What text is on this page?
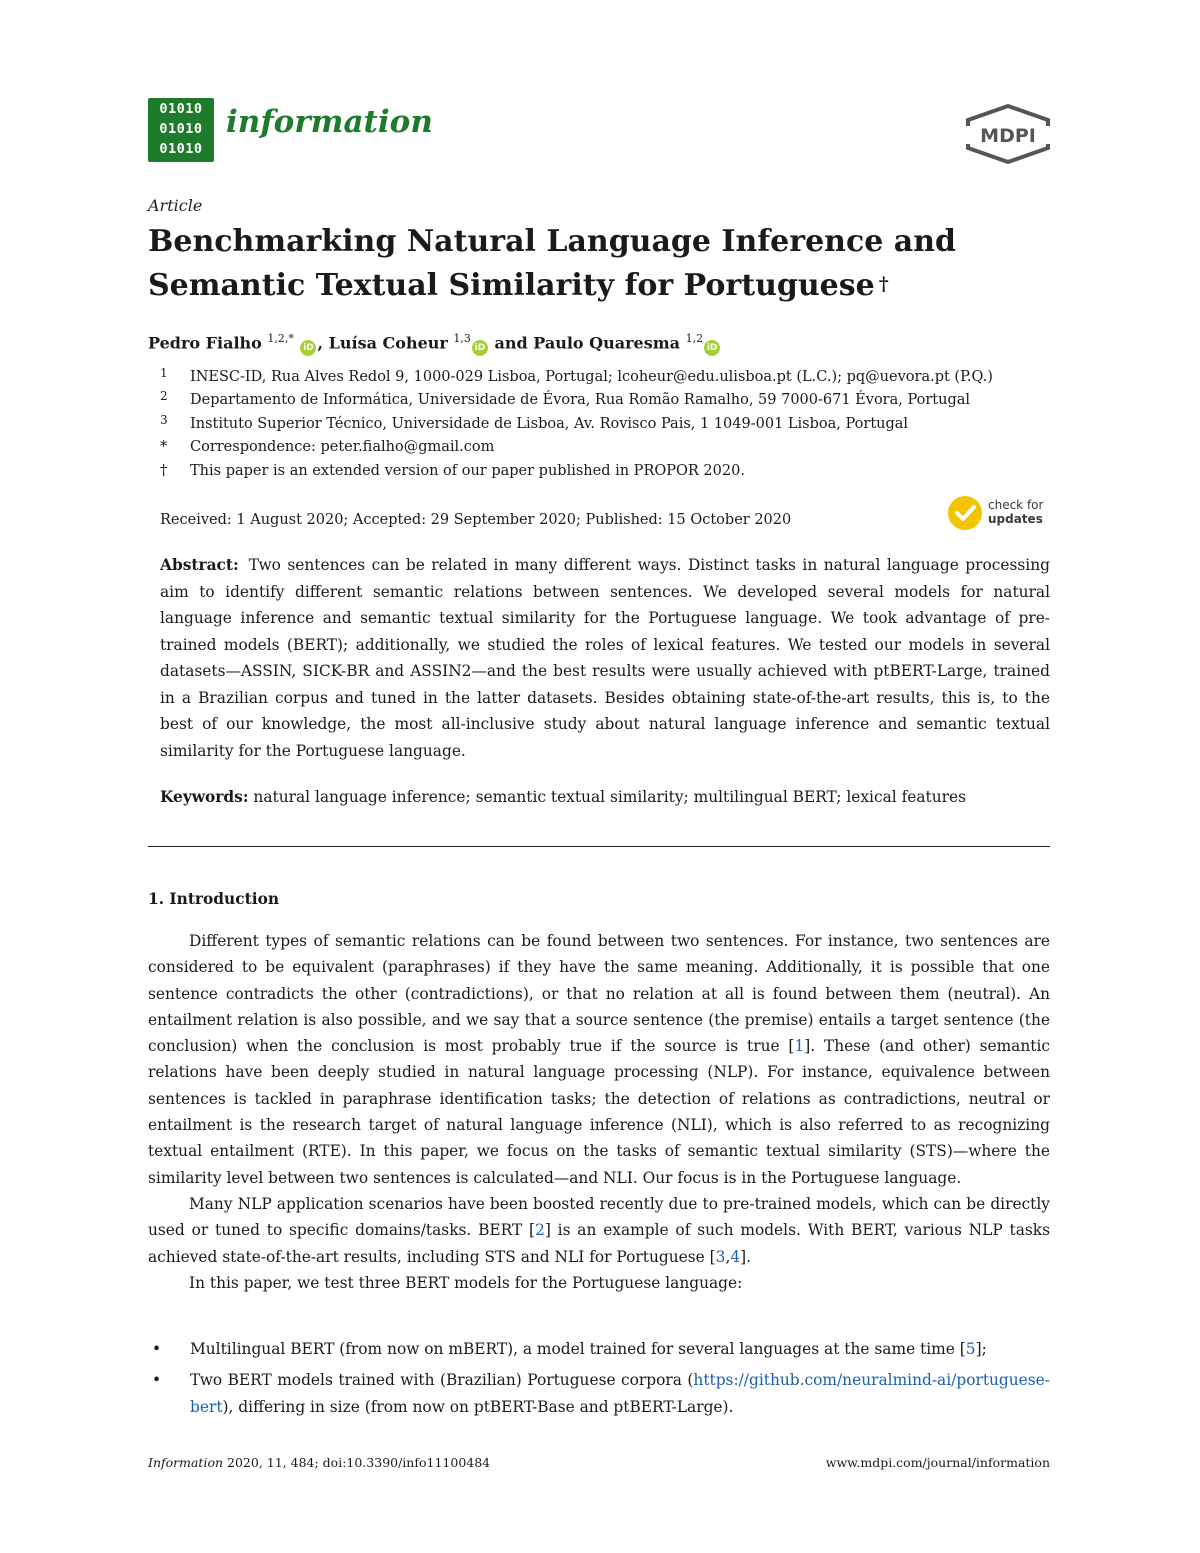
01010
01010
01010
information	MDPI
Article
Benchmarking Natural Language Inference and
Semantic Textual Similarity for Portuguese †
Pedro Fialho $^{1,2,*}$ iD , Luísa Coheur $^{1,3}$iD and Paulo Quaresma $^{1,2}$iD
1 INESC-ID, Rua Alves Redol 9, 1000-029 Lisboa, Portugal; lcoheur@edu.ulisboa.pt (L.C.); pq@uevora.pt (P.Q.)
2 Departamento de Informática, Universidade de Évora, Rua Romão Ramalho, 59 7000-671 Évora, Portugal
3 Instituto Superior Técnico, Universidade de Lisboa, Av. Rovisco Pais, 1 1049-001 Lisboa, Portugal
* Correspondence: peter.fialho@gmail.com
† This paper is an extended version of our paper published in PROPOR 2020.
Received: 1 August 2020; Accepted: 29 September 2020; Published: 15 October 2020
check for
updates
Abstract: Two sentences can be related in many different ways. Distinct tasks in natural language processing aim to identify different semantic relations between sentences. We developed several models for natural language inference and semantic textual similarity for the Portuguese language. We took advantage of pre-trained models (BERT); additionally, we studied the roles of lexical features. We tested our models in several datasets—ASSIN, SICK-BR and ASSIN2—and the best results were usually achieved with ptBERT-Large, trained in a Brazilian corpus and tuned in the latter datasets. Besides obtaining state-of-the-art results, this is, to the best of our knowledge, the most all-inclusive study about natural language inference and semantic textual similarity for the Portuguese language.
Keywords: natural language inference; semantic textual similarity; multilingual BERT; lexical features
1. Introduction

Different types of semantic relations can be found between two sentences. For instance, two sentences are considered to be equivalent (paraphrases) if they have the same meaning. Additionally, it is possible that one sentence contradicts the other (contradictions), or that no relation at all is found between them (neutral). An entailment relation is also possible, and we say that a source sentence (the premise) entails a target sentence (the conclusion) when the conclusion is most probably true if the source is true [1]. These (and other) semantic relations have been deeply studied in natural language processing (NLP). For instance, equivalence between sentences is tackled in paraphrase identification tasks; the detection of relations as contradictions, neutral or entailment is the research target of natural language inference (NLI), which is also referred to as recognizing textual entailment (RTE). In this paper, we focus on the tasks of semantic textual similarity (STS)—where the similarity level between two sentences is calculated—and NLI. Our focus is in the Portuguese language.

Many NLP application scenarios have been boosted recently due to pre-trained models, which can be directly used or tuned to specific domains/tasks. BERT [2] is an example of such models. With BERT, various NLP tasks achieved state-of-the-art results, including STS and NLI for Portuguese [3,4].

In this paper, we test three BERT models for the Portuguese language:

• Multilingual BERT (from now on mBERT), a model trained for several languages at the same time [5];
• Two BERT models trained with (Brazilian) Portuguese corpora (https://github.com/neuralmind-ai/portuguese-bert), differing in size (from now on ptBERT-Base and ptBERT-Large).
Information 2020, 11, 484; doi:10.3390/info11100484	www.mdpi.com/journal/information
